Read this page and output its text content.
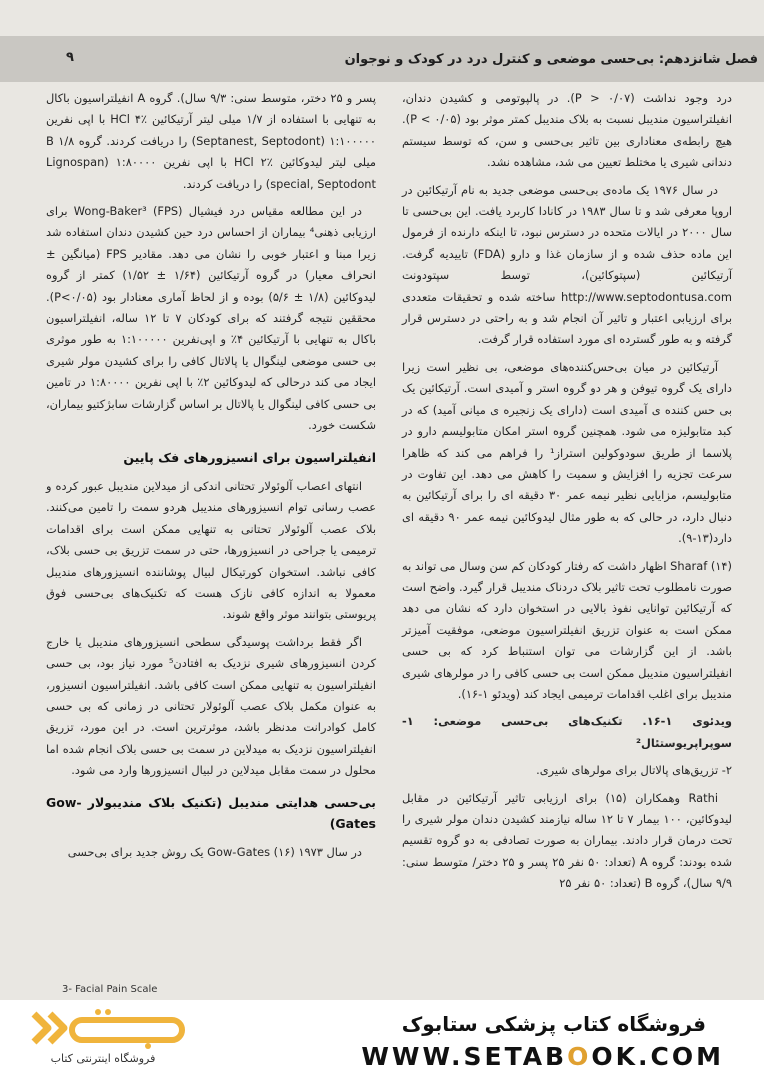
فصل شانزدهم: بی‌حسی موضعی و کنترل درد در کودک و نوجوان
۹

درد وجود نداشت (P > ۰/۰۷). در پالپوتومی و کشیدن دندان، انفیلتراسیون مندیبل نسبت به بلاک مندیبل کمتر موثر بود (P < ۰/۰۵). هیچ رابطه‌ی معناداری بین تاثیر بی‌حسی و سن، که توسط سیستم دندانی شیری یا مختلط تعیین می شد، مشاهده نشد.

در سال ۱۹۷۶ یک ماده‌ی بی‌حسی موضعی جدید به نام آرتیکائین در اروپا معرفی شد و تا سال ۱۹۸۳ در کانادا کاربرد یافت. این بی‌حسی تا سال ۲۰۰۰ در ایالات متحده در دسترس نبود، تا اینکه دارنده از فرمول این ماده حذف شده و از سازمان غذا و دارو (FDA) تاییدیه گرفت. آرتیکائین (سپتوکائین)، توسط سپتودونت http://www.septodontusa.com ساخته شده و تحقیقات متعددی برای ارزیابی اعتبار و تاثیر آن انجام شد و به راحتی در دسترس قرار گرفته و به طور گسترده ای مورد استفاده قرار گرفت.

آرتیکائین در میان بی‌حس‌کننده‌های موضعی، بی نظیر است زیرا دارای یک گروه تیوفن و هر دو گروه استر و آمیدی است. آرتیکائین یک بی حس کننده ی آمیدی است (دارای یک زنجیره ی میانی آمید) که در کبد متابولیزه می شود. همچنین گروه استر امکان متابولیسم دارو در پلاسما از طریق سودوکولین استراز¹ را فراهم می کند که ظاهرا سرعت تجزیه را افزایش و سمیت را کاهش می دهد. این تفاوت در متابولیسم، مزایایی نظیر نیمه عمر ۳۰ دقیقه ای را برای آرتیکائین به دنبال دارد، در حالی که به طور مثال لیدوکائین نیمه عمر ۹۰ دقیقه ای دارد(۱۳-۹).

Sharaf (۱۴) اظهار داشت که رفتار کودکان کم سن وسال می تواند به صورت نامطلوب تحت تاثیر بلاک دردناک مندیبل قرار گیرد. واضح است که آرتیکائین توانایی نفوذ بالایی در استخوان دارد که نشان می دهد ممکن است به عنوان تزریق انفیلتراسیون موضعی، موفقیت آمیزتر باشد. از این گزارشات می توان استنباط کرد که بی حسی انفیلتراسیون مندیبل ممکن است بی حسی کافی را در مولرهای شیری مندیبل برای اغلب اقدامات ترمیمی ایجاد کند (ویدئو ۱-۱۶).

ویدئوی ۱-۱۶. تکنیک‌های بی‌حسی موضعی: ۱- سوپراپریوستئال²

۲- تزریق‌های پالاتال برای مولرهای شیری.

Rathi وهمکاران (۱۵) برای ارزیابی تاثیر آرتیکائین در مقابل لیدوکائین، ۱۰۰ بیمار ۷ تا ۱۲ ساله نیازمند کشیدن دندان مولر شیری را تحت درمان قرار دادند. بیماران به صورت تصادفی به دو گروه تقسیم شده بودند: گروه A (تعداد: ۵۰ نفر ۲۵ پسر و ۲۵ دختر/ متوسط سنی: ۹/۹ سال)، گروه B (تعداد: ۵۰ نفر ۲۵

پسر و ۲۵ دختر، متوسط سنی: ۹/۳ سال). گروه A انفیلتراسیون باکال به تنهایی با استفاده از ۱/۷ میلی لیتر آرتیکائین HCl ۴٪ با اپی نفرین ۱:۱۰۰۰۰۰ (Septanest, Septodont) را دریافت کردند. گروه B ۱/۸ میلی لیتر لیدوکائین HCl ۲٪ با اپی نفرین ۱:۸۰۰۰۰ (Lignospan special, Septodont) را دریافت کردند.

در این مطالعه مقیاس درد فیشیال Wong-Baker³ (FPS) برای ارزیابی ذهنی⁴ بیماران از احساس درد حین کشیدن دندان استفاده شد زیرا مبنا و اعتبار خوبی را نشان می دهد. مقادیر FPS (میانگین ± انحراف معیار) در گروه آرتیکائین (۱/۶۴ ± ۱/۵۲) کمتر از گروه لیدوکائین (۱/۸ ± ۵/۶) بوده و از لحاظ آماری معنادار بود (P<۰/۰۵). محققین نتیجه گرفتند که برای کودکان ۷ تا ۱۲ ساله، انفیلتراسیون باکال به تنهایی با آرتیکائین ۴٪ و اپی‌نفرین ۱:۱۰۰۰۰۰ به طور موثری بی حسی موضعی لینگوال یا پالاتال کافی را برای کشیدن مولر شیری ایجاد می کند درحالی که لیدوکائین ۲٪ با اپی نفرین ۱:۸۰۰۰۰ در تامین بی حسی کافی لینگوال یا پالاتال بر اساس گزارشات سابژکتیو بیماران، شکست خورد.

انفیلتراسیون برای انسیزورهای فک پایین

انتهای اعصاب آلوئولار تحتانی اندکی از میدلاین مندیبل عبور کرده و عصب رسانی توام انسیزورهای مندیبل هردو سمت را تامین می‌کنند. بلاک عصب آلوئولار تحتانی به تنهایی ممکن است برای اقدامات ترمیمی یا جراحی در انسیزورها، حتی در سمت تزریق بی حسی بلاک، کافی نباشد. استخوان کورتیکال لبیال پوشاننده انسیزورهای مندیبل معمولا به اندازه کافی نازک هست که تکنیک‌های بی‌حسی فوق پریوستی بتوانند موثر واقع شوند.

اگر فقط برداشت پوسیدگی سطحی انسیزورهای مندیبل یا خارج کردن انسیزورهای شیری نزدیک به افتادن⁵ مورد نیاز بود، بی حسی انفیلتراسیون به تنهایی ممکن است کافی باشد. انفیلتراسیون انسیزور، به عنوان مکمل بلاک عصب آلوئولار تحتانی در زمانی که بی حسی کامل کوادرانت مدنظر باشد، موثرترین است. در این مورد، تزریق انفیلتراسیون نزدیک به میدلاین در سمت بی حسی بلاک انجام شده اما محلول در سمت مقابل میدلاین در لبیال انسیزورها وارد می شود.

بی‌حسی هدایتی مندیبل (تکنیک بلاک مندیبولار Gow-Gates)

در سال ۱۹۷۳ Gow-Gates (۱۶) یک روش جدید برای بی‌حسی

3- Facial Pain Scale
فروشگاه اینترنتی کتاب
فروشگاه کتاب پزشکی ستابوک
WWW.SETABOOK.COM
